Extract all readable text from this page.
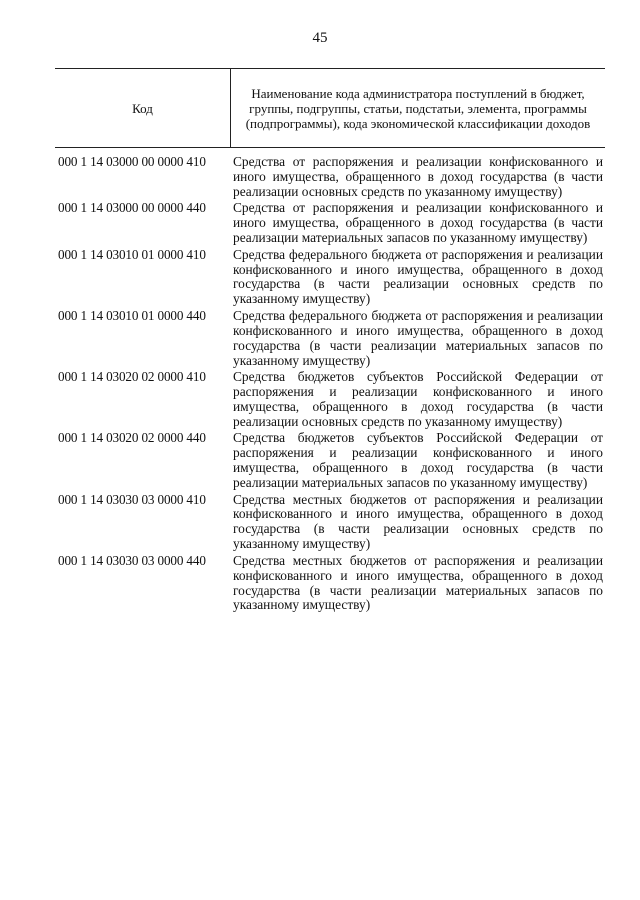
45
Код	Наименование кода администратора поступлений в бюджет, группы, подгруппы, статьи, подстатьи, элемента, программы (подпрограммы), кода экономической классификации доходов
000 1 14 03000 00 0000 410	Средства от распоряжения и реализации конфискованного и иного имущества, обращенного в доход государства (в части реализации основных средств по указанному имуществу)
000 1 14 03000 00 0000 440	Средства от распоряжения и реализации конфискованного и иного имущества, обращенного в доход государства (в части реализации материальных запасов по указанному имуществу)
000 1 14 03010 01 0000 410	Средства федерального бюджета от распоряжения и реализации конфискованного и иного имущества, обращенного в доход государства (в части реализации основных средств по указанному имуществу)
000 1 14 03010 01 0000 440	Средства федерального бюджета от распоряжения и реализации конфискованного и иного имущества, обращенного в доход государства (в части реализации материальных запасов по указанному имуществу)
000 1 14 03020 02 0000 410	Средства бюджетов субъектов Российской Федерации от распоряжения и реализации конфискованного и иного имущества, обращенного в доход государства (в части реализации основных средств по указанному имуществу)
000 1 14 03020 02 0000 440	Средства бюджетов субъектов Российской Федерации от распоряжения и реализации конфискованного и иного имущества, обращенного в доход государства (в части реализации материальных запасов по указанному имуществу)
000 1 14 03030 03 0000 410	Средства местных бюджетов от распоряжения и реализации конфискованного и иного имущества, обращенного в доход государства (в части реализации основных средств по указанному имуществу)
000 1 14 03030 03 0000 440	Средства местных бюджетов от распоряжения и реализации конфискованного и иного имущества, обращенного в доход государства (в части реализации материальных запасов по указанному имуществу)
